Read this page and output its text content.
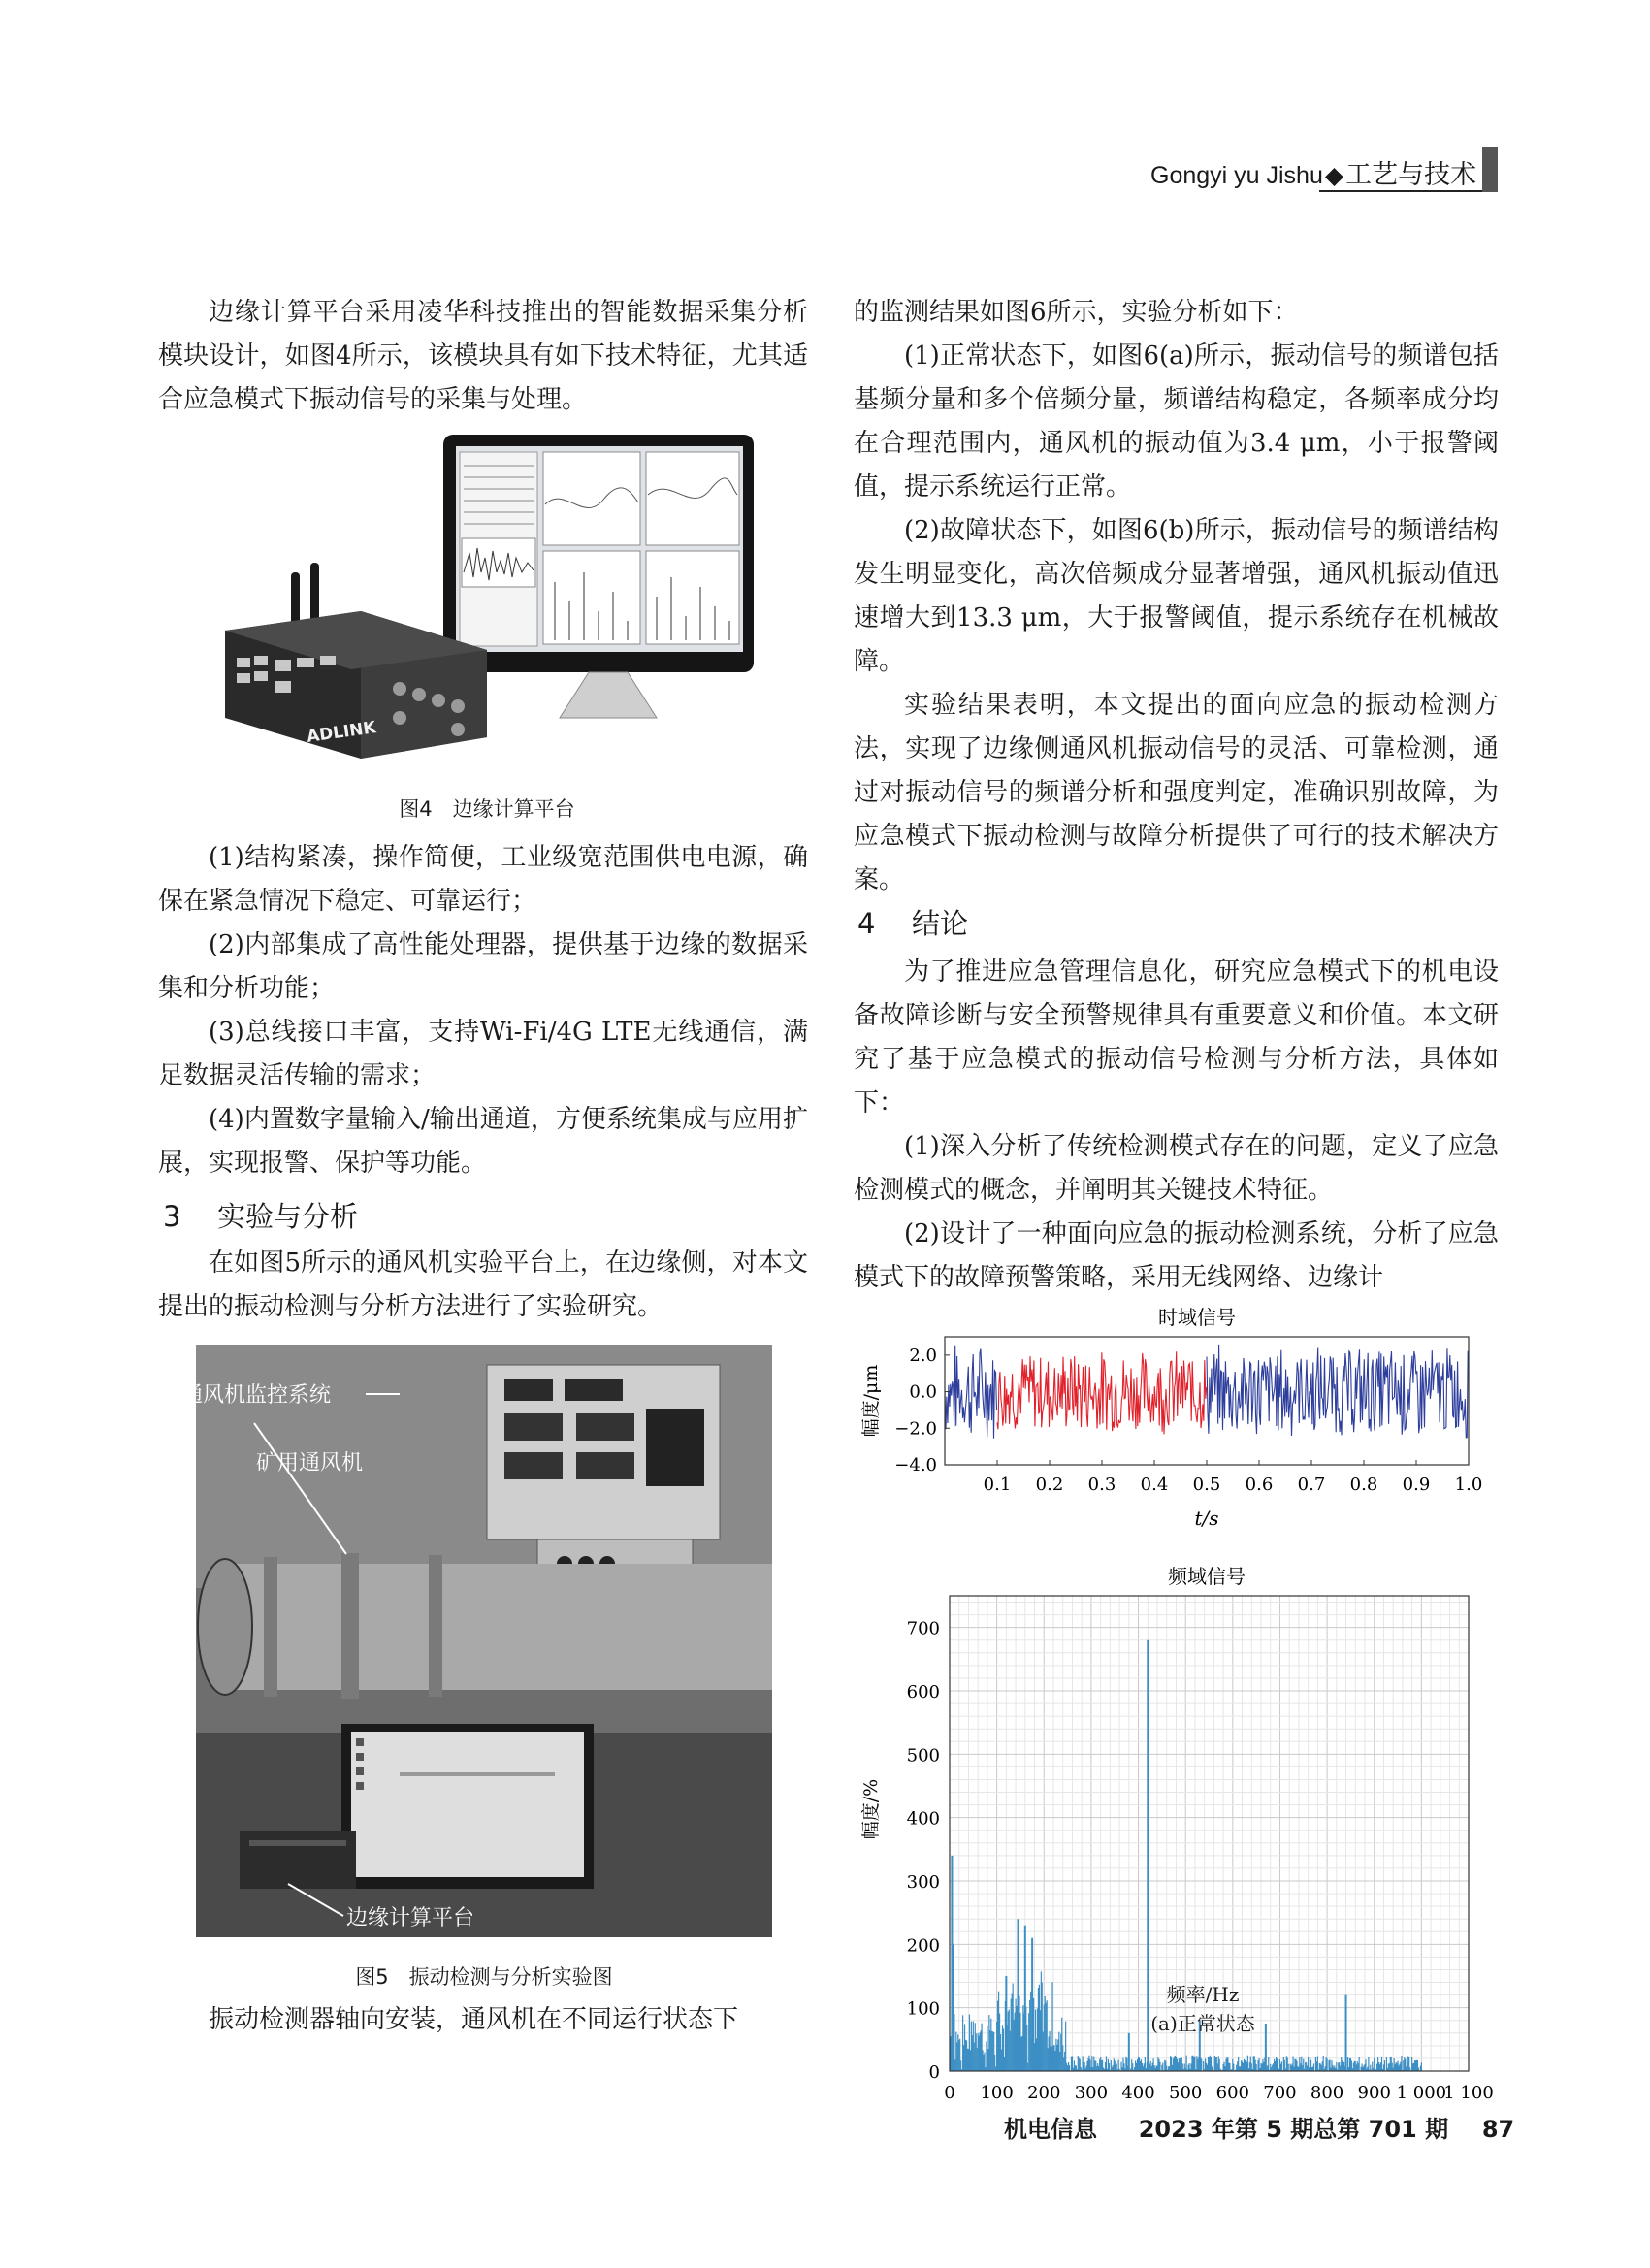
Gongyi yu Jishu◆工艺与技术

边缘计算平台采用凌华科技推出的智能数据采集分析模块设计，如图4所示，该模块具有如下技术特征，尤其适合应急模式下振动信号的采集与处理。

ADLINK
图4　边缘计算平台

(1)结构紧凑，操作简便，工业级宽范围供电电源，确保在紧急情况下稳定、可靠运行；

(2)内部集成了高性能处理器，提供基于边缘的数据采集和分析功能；

(3)总线接口丰富，支持Wi-Fi/4G LTE无线通信，满足数据灵活传输的需求；

(4)内置数字量输入/输出通道，方便系统集成与应用扩展，实现报警、保护等功能。

3 实验与分析

在如图5所示的通风机实验平台上，在边缘侧，对本文提出的振动检测与分析方法进行了实验研究。

通风机监控系统
矿用通风机
边缘计算平台
图5　振动检测与分析实验图

振动检测器轴向安装，通风机在不同运行状态下

的监测结果如图6所示，实验分析如下：

(1)正常状态下，如图6(a)所示，振动信号的频谱包括基频分量和多个倍频分量，频谱结构稳定，各频率成分均在合理范围内，通风机的振动值为3.4 μm，小于报警阈值，提示系统运行正常。

(2)故障状态下，如图6(b)所示，振动信号的频谱结构发生明显变化，高次倍频成分显著增强，通风机振动值迅速增大到13.3 μm，大于报警阈值，提示系统存在机械故障。

实验结果表明，本文提出的面向应急的振动检测方法，实现了边缘侧通风机振动信号的灵活、可靠检测，通过对振动信号的频谱分析和强度判定，准确识别故障，为应急模式下振动检测与故障分析提供了可行的技术解决方案。

4 结论

为了推进应急管理信息化，研究应急模式下的机电设备故障诊断与安全预警规律具有重要意义和价值。本文研究了基于应急模式的振动信号检测与分析方法，具体如下：

(1)深入分析了传统检测模式存在的问题，定义了应急检测模式的概念，并阐明其关键技术特征。

(2)设计了一种面向应急的振动检测系统，分析了应急模式下的故障预警策略，采用无线网络、边缘计

时域信号
2.0
0.0
−2.0
−4.0
0.1 0.2 0.3 0.4 0.5 0.6 0.7 0.8 0.9 1.0
幅度/μm
t/s
频域信号
700
600
500
400
300
200
100
0
0 100 200 300 400 500 600 700 800 900 1 000
1 100
幅度/%
频率/Hz
(a)正常状态
机电信息 2023 年第 5 期总第 701 期 87
